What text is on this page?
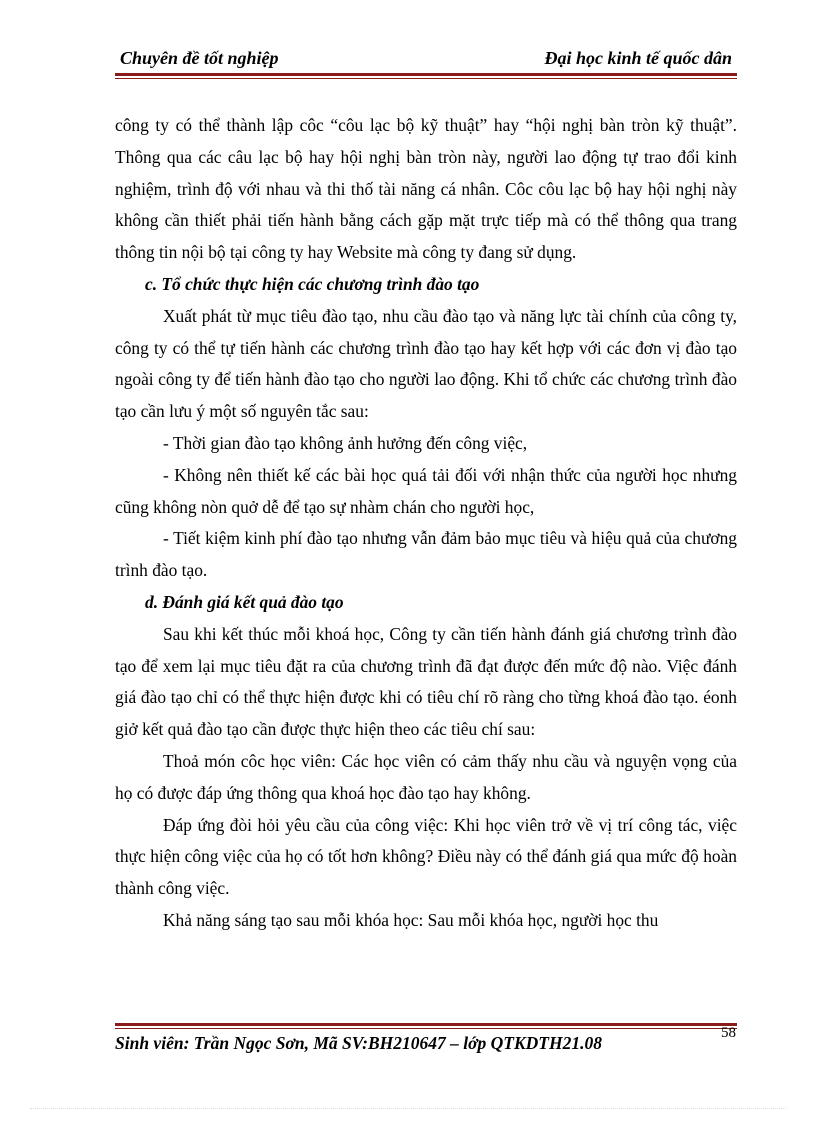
Chuyên đề tốt nghiệp	Đại học kinh tế quốc dân

công ty có thể thành lập côc “côu lạc bộ kỹ thuật” hay “hội nghị bàn tròn kỹ thuật”. Thông qua các câu lạc bộ hay hội nghị bàn tròn này, người lao động tự trao đổi kinh nghiệm, trình độ với nhau và thi thố tài năng cá nhân. Côc côu lạc bộ hay hội nghị này không cần thiết phải tiến hành bằng cách gặp mặt trực tiếp mà có thể thông qua trang thông tin nội bộ tại công ty hay Website mà công ty đang sử dụng.

c. Tổ chức thực hiện các chương trình đào tạo

Xuất phát từ mục tiêu đào tạo, nhu cầu đào tạo và năng lực tài chính của công ty, công ty có thể tự tiến hành các chương trình đào tạo hay kết hợp với các đơn vị đào tạo ngoài công ty để tiến hành đào tạo cho người lao động. Khi tổ chức các chương trình đào tạo cần lưu ý một số nguyên tắc sau:

- Thời gian đào tạo không ảnh hưởng đến công việc,

- Không nên thiết kế các bài học quá tải đối với nhận thức của người học nhưng cũng không nòn quở dễ để tạo sự nhàm chán cho người học,

- Tiết kiệm kinh phí đào tạo nhưng vẫn đảm bảo mục tiêu và hiệu quả của chương trình đào tạo.

d. Đánh giá kết quả đào tạo

Sau khi kết thúc mỗi khoá học, Công ty cần tiến hành đánh giá chương trình đào tạo để xem lại mục tiêu đặt ra của chương trình đã đạt được đến mức độ nào. Việc đánh giá đào tạo chỉ có thể thực hiện được khi có tiêu chí rõ ràng cho từng khoá đào tạo. éonh giở kết quả đào tạo cần được thực hiện theo các tiêu chí sau:

Thoả món côc học viên: Các học viên có cảm thấy nhu cầu và nguyện vọng của họ có được đáp ứng thông qua khoá học đào tạo hay không.

Đáp ứng đòi hỏi yêu cầu của công việc: Khi học viên trở về vị trí công tác, việc thực hiện công việc của họ có tốt hơn không? Điều này có thể đánh giá qua mức độ hoàn thành công việc.

Khả năng sáng tạo sau mỗi khóa học: Sau mỗi khóa học, người học thu

58
Sinh viên: Trần Ngọc Sơn, Mã SV:BH210647 – lớp QTKDTH21.08
